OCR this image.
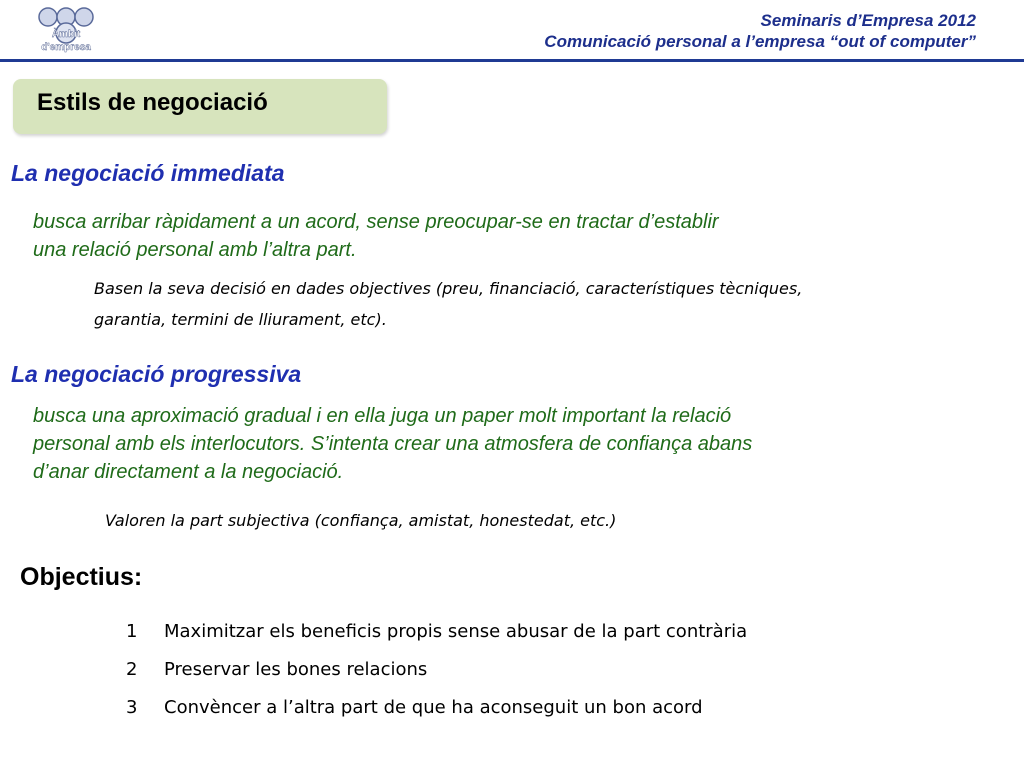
Àmbit
d'empresa
Seminaris d’Empresa 2012
Comunicació personal a l’empresa “out of computer”
Estils de negociació
La negociació immediata

busca arribar ràpidament a un acord, sense preocupar-se en tractar d’establir
una relació personal amb l’altra part.

Basen la seva decisió en dades objectives (preu, financiació, característiques tècniques,
garantia, termini de lliurament, etc).

La negociació progressiva

busca una aproximació gradual i en ella juga un paper molt important la relació
personal amb els interlocutors. S’intenta crear una atmosfera de confiança abans
d’anar directament a la negociació.

Valoren la part subjectiva (confiança, amistat, honestedat, etc.)

Objectius:
1	Maximitzar els beneficis propis sense abusar de la part contrària
2	Preservar les bones relacions
3	Convèncer a l’altra part de que ha aconseguit un bon acord
